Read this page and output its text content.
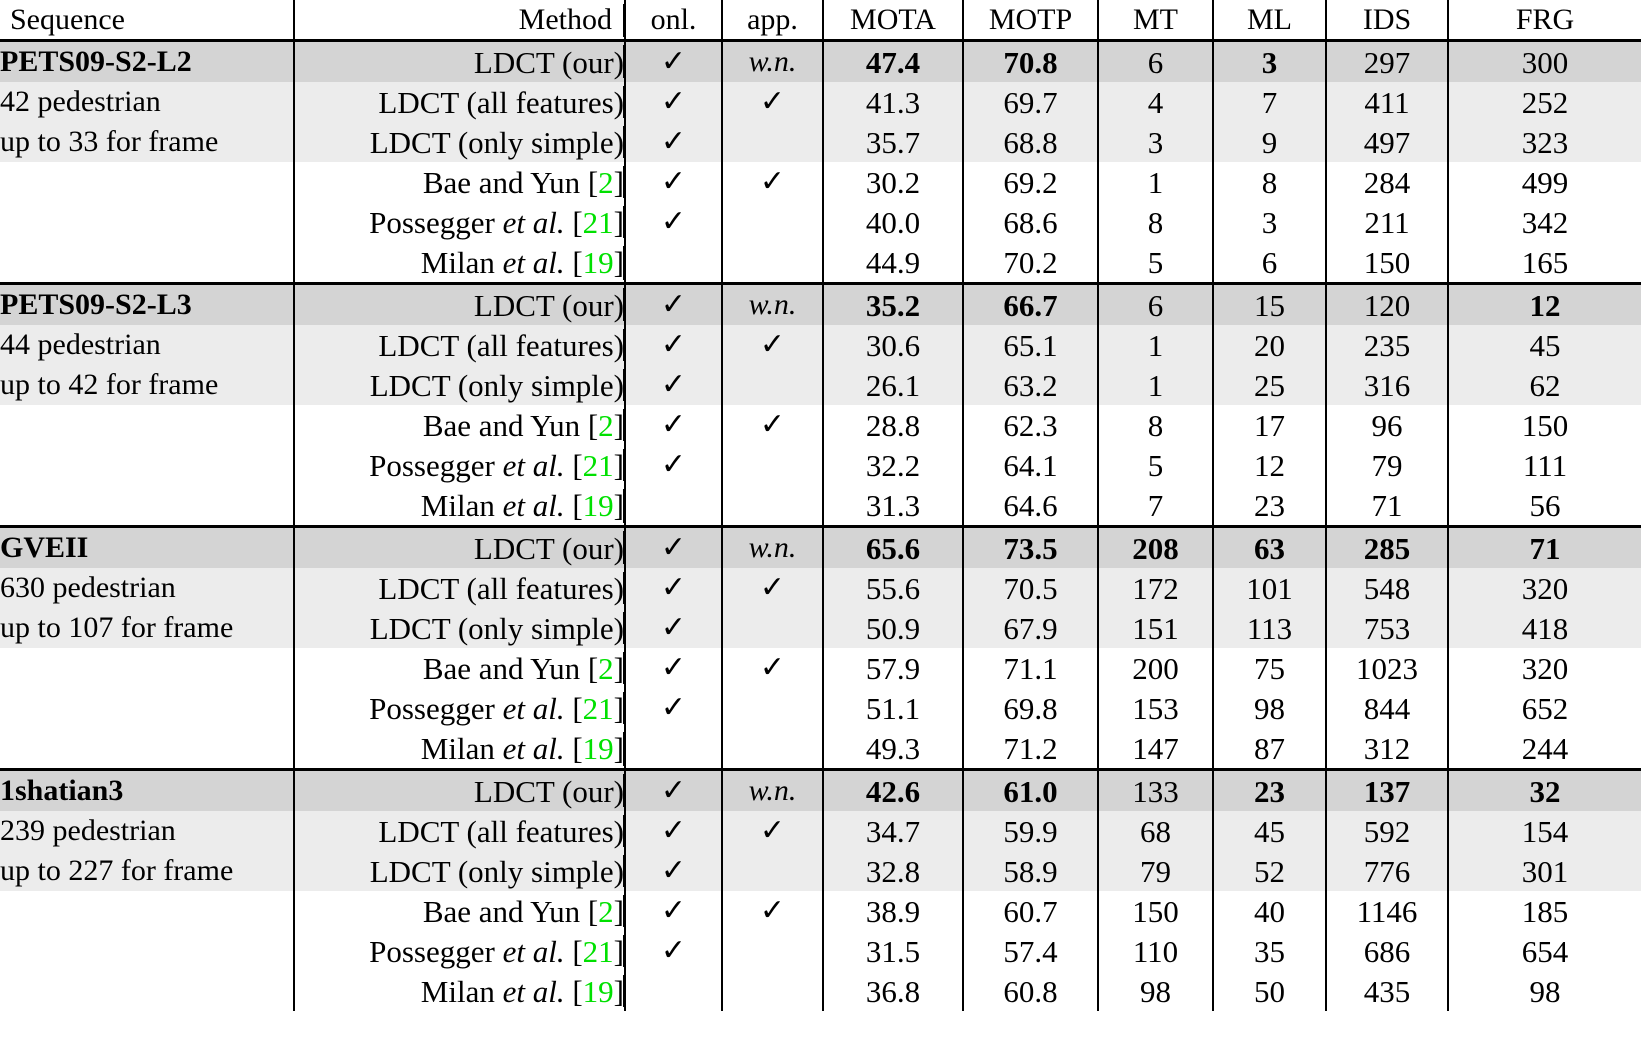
Sequence	Method	onl.	app.	MOTA	MOTP	MT	ML	IDS	FRG
PETS09-S2-L2	LDCT (our)	✓	w.n.	47.4	70.8	6	3	297	300
42 pedestrian	LDCT (all features)	✓	✓	41.3	69.7	4	7	411	252
up to 33 for frame	LDCT (only simple)	✓		35.7	68.8	3	9	497	323
	Bae and Yun [2]	✓	✓	30.2	69.2	1	8	284	499
	Possegger et al. [21]	✓		40.0	68.6	8	3	211	342
	Milan et al. [19]			44.9	70.2	5	6	150	165
PETS09-S2-L3	LDCT (our)	✓	w.n.	35.2	66.7	6	15	120	12
44 pedestrian	LDCT (all features)	✓	✓	30.6	65.1	1	20	235	45
up to 42 for frame	LDCT (only simple)	✓		26.1	63.2	1	25	316	62
	Bae and Yun [2]	✓	✓	28.8	62.3	8	17	96	150
	Possegger et al. [21]	✓		32.2	64.1	5	12	79	111
	Milan et al. [19]			31.3	64.6	7	23	71	56
GVEII	LDCT (our)	✓	w.n.	65.6	73.5	208	63	285	71
630 pedestrian	LDCT (all features)	✓	✓	55.6	70.5	172	101	548	320
up to 107 for frame	LDCT (only simple)	✓		50.9	67.9	151	113	753	418
	Bae and Yun [2]	✓	✓	57.9	71.1	200	75	1023	320
	Possegger et al. [21]	✓		51.1	69.8	153	98	844	652
	Milan et al. [19]			49.3	71.2	147	87	312	244
1shatian3	LDCT (our)	✓	w.n.	42.6	61.0	133	23	137	32
239 pedestrian	LDCT (all features)	✓	✓	34.7	59.9	68	45	592	154
up to 227 for frame	LDCT (only simple)	✓		32.8	58.9	79	52	776	301
	Bae and Yun [2]	✓	✓	38.9	60.7	150	40	1146	185
	Possegger et al. [21]	✓		31.5	57.4	110	35	686	654
	Milan et al. [19]			36.8	60.8	98	50	435	98
